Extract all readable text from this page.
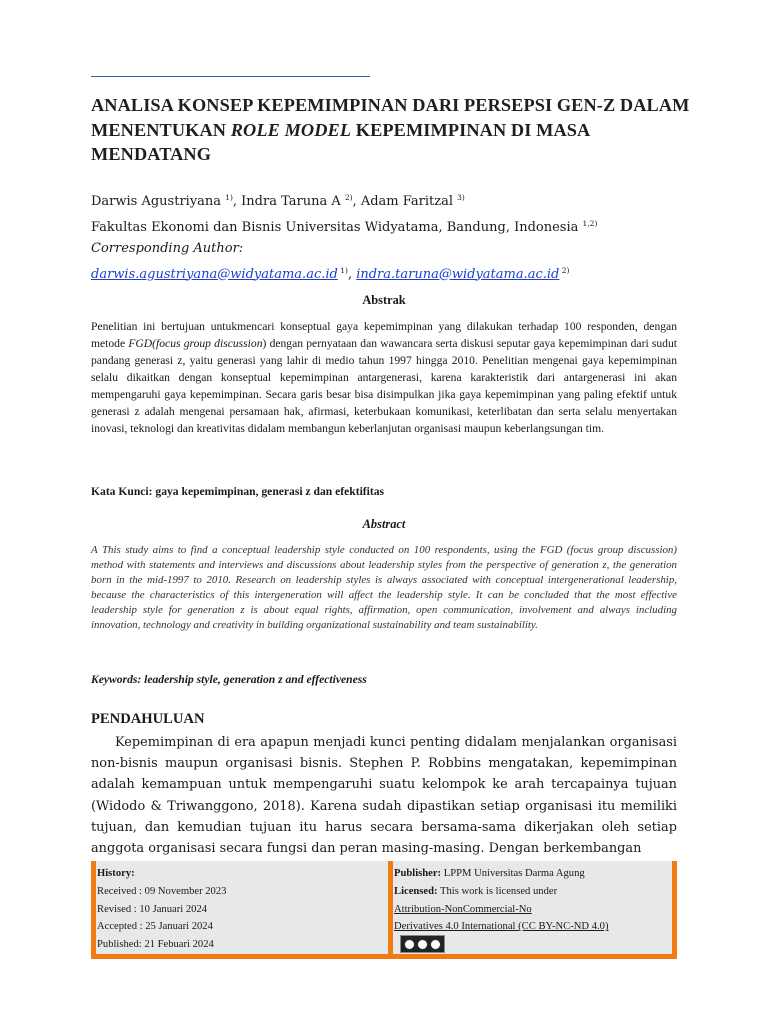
ANALISA KONSEP KEPEMIMPINAN DARI PERSEPSI GEN-Z DALAM MENENTUKAN ROLE MODEL KEPEMIMPINAN DI MASA MENDATANG
Darwis Agustriyana $^{1)}$, Indra Taruna A $^{2)}$, Adam Faritzal $^{3)}$
Fakultas Ekonomi dan Bisnis Universitas Widyatama, Bandung, Indonesia $^{1,2)}$
Corresponding Author:
darwis.agustriyana@widyatama.ac.id $^{1)}$, indra.taruna@widyatama.ac.id $^{2)}$
Abstrak
Penelitian ini bertujuan untukmencari konseptual gaya kepemimpinan yang dilakukan terhadap 100 responden, dengan metode FGD(focus group discussion) dengan pernyataan dan wawancara serta diskusi seputar gaya kepemimpinan dari sudut pandang generasi z, yaitu generasi yang lahir di medio tahun 1997 hingga 2010. Penelitian mengenai gaya kepemimpinan selalu dikaitkan dengan konseptual kepemimpinan antargenerasi, karena karakteristik dari antargenerasi ini akan mempengaruhi gaya kepemimpinan. Secara garis besar bisa disimpulkan jika gaya kepemimpinan yang paling efektif untuk generasi z adalah mengenai persamaan hak, afirmasi, keterbukaan komunikasi, keterlibatan dan serta selalu menyertakan inovasi, teknologi dan kreativitas didalam membangun keberlanjutan organisasi maupun keberlangsungan tim.
Kata Kunci: gaya kepemimpinan, generasi z dan efektifitas
Abstract
A This study aims to find a conceptual leadership style conducted on 100 respondents, using the FGD (focus group discussion) method with statements and interviews and discussions about leadership styles from the perspective of generation z, the generation born in the mid-1997 to 2010. Research on leadership styles is always associated with conceptual intergenerational leadership, because the characteristics of this intergeneration will affect the leadership style. It can be concluded that the most effective leadership style for generation z is about equal rights, affirmation, open communication, involvement and always including innovation, technology and creativity in building organizational sustainability and team sustainability.
Keywords: leadership style, generation z and effectiveness
PENDAHULUAN

Kepemimpinan di era apapun menjadi kunci penting didalam menjalankan organisasi non-bisnis maupun organisasi bisnis. Stephen P. Robbins mengatakan, kepemimpinan adalah kemampuan untuk mempengaruhi suatu kelompok ke arah tercapainya tujuan (Widodo & Triwanggono, 2018). Karena sudah dipastikan setiap organisasi itu memiliki tujuan, dan kemudian tujuan itu harus secara bersama-sama dikerjakan oleh setiap anggota organisasi secara fungsi dan peran masing-masing. Dengan berkembangan

History:
Received : 09 November 2023
Revised : 10 Januari 2024
Accepted : 25 Januari 2024
Published: 21 Febuari 2024
Publisher: LPPM Universitas Darma Agung
Licensed: This work is licensed under
Attribution-NonCommercial-No
Derivatives 4.0 International (CC BY-NC-ND 4.0)
